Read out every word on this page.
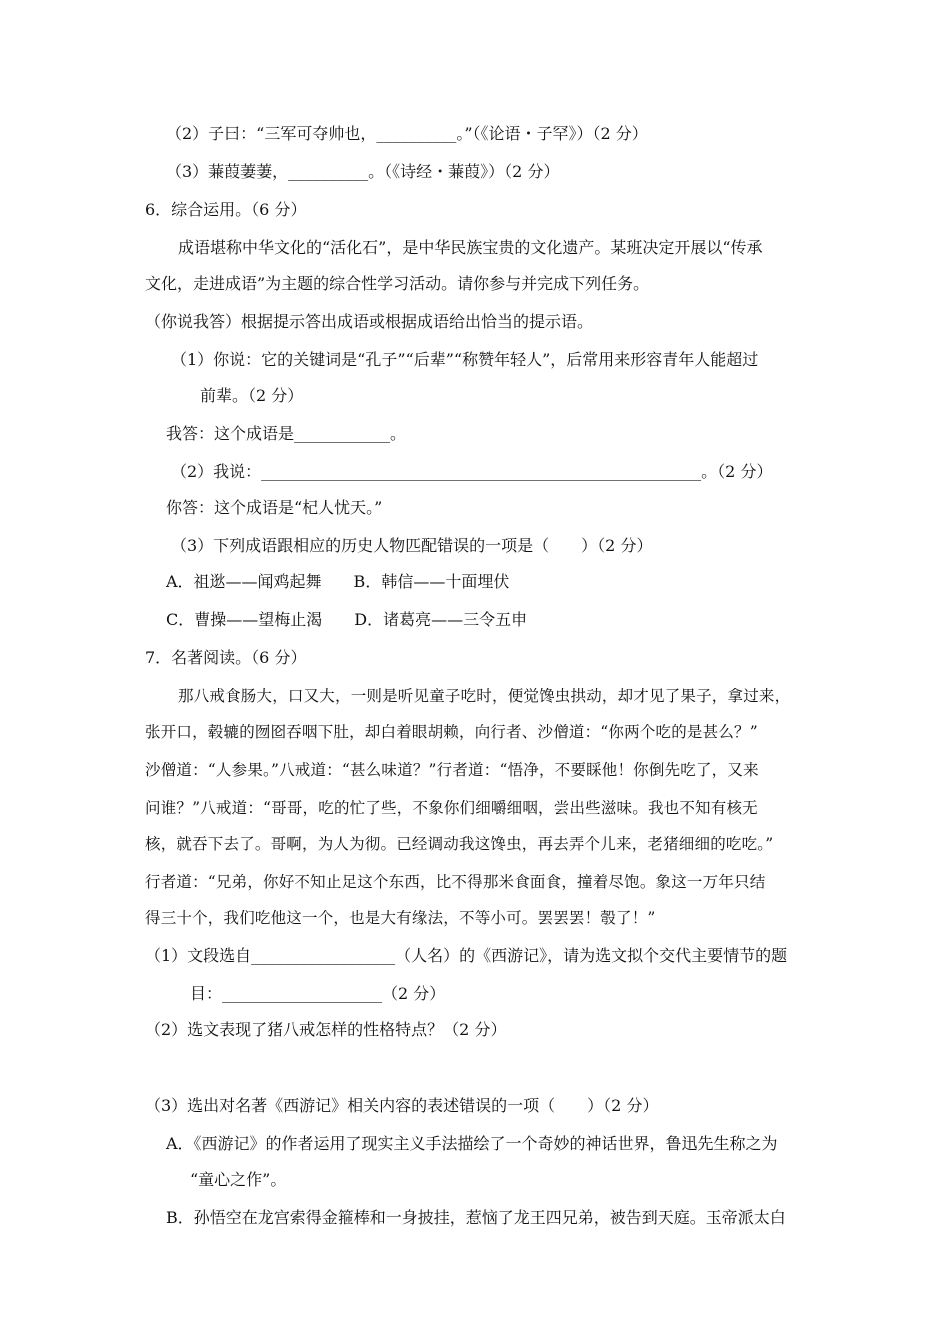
（2）子曰：“三军可夺帅也，__________。”（《论语・子罕》）（2 分）
（3）蒹葭萋萋，__________。（《诗经・蒹葭》）（2 分）
6．综合运用。（6 分）
成语堪称中华文化的“活化石”，是中华民族宝贵的文化遗产。某班决定开展以“传承
文化，走进成语”为主题的综合性学习活动。请你参与并完成下列任务。
（你说我答）根据提示答出成语或根据成语给出恰当的提示语。
（1）你说：它的关键词是“孔子”“后辈”“称赞年轻人”，后常用来形容青年人能超过
前辈。（2 分）
我答：这个成语是____________。
（2）我说：_______________________________________________________。（2 分）
你答：这个成语是“杞人忧天。”
（3）下列成语跟相应的历史人物匹配错误的一项是（　　）（2 分）
A．祖逖——闻鸡起舞　　B．韩信——十面埋伏
C．曹操——望梅止渴　　D．诸葛亮——三令五申
7．名著阅读。（6 分）
那八戒食肠大，口又大，一则是听见童子吃时，便觉馋虫拱动，却才见了果子，拿过来，
张开口，毂辘的囫囵吞咽下肚，却白着眼胡赖，向行者、沙僧道：“你两个吃的是甚么？”
沙僧道：“人参果。”八戒道：“甚么味道？”行者道：“悟净，不要睬他！你倒先吃了，又来
问谁？”八戒道：“哥哥，吃的忙了些，不象你们细嚼细咽，尝出些滋味。我也不知有核无
核，就吞下去了。哥啊，为人为彻。已经调动我这馋虫，再去弄个儿来，老猪细细的吃吃。”
行者道：“兄弟，你好不知止足这个东西，比不得那米食面食，撞着尽饱。象这一万年只结
得三十个，我们吃他这一个，也是大有缘法，不等小可。罢罢罢！彀了！”
（1）文段选自__________________（人名）的《西游记》，请为选文拟个交代主要情节的题
目：____________________（2 分）
（2）选文表现了猪八戒怎样的性格特点？（2 分）
（3）选出对名著《西游记》相关内容的表述错误的一项（　　）（2 分）
A．《西游记》的作者运用了现实主义手法描绘了一个奇妙的神话世界，鲁迅先生称之为
“童心之作”。
B．孙悟空在龙宫索得金箍棒和一身披挂，惹恼了龙王四兄弟，被告到天庭。玉帝派太白
